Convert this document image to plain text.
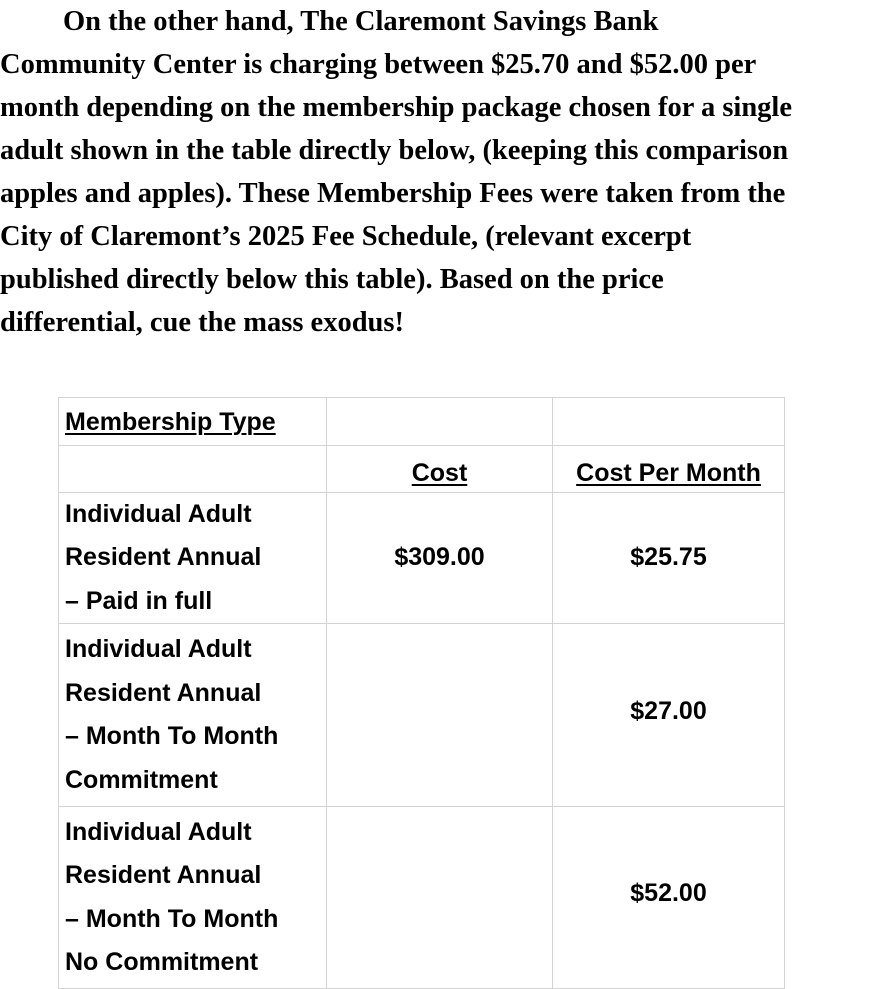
On the other hand, The Claremont Savings Bank
Community Center is charging between $25.70 and $52.00 per
month depending on the membership package chosen for a single
adult shown in the table directly below, (keeping this comparison
apples and apples). These Membership Fees were taken from the
City of Claremont’s 2025 Fee Schedule, (relevant excerpt
published directly below this table). Based on the price
differential, cue the mass exodus!

Membership Type		
	Cost	Cost Per Month

Individual Adult
Resident Annual
– Paid in full	$309.00	$25.75

Individual Adult
Resident Annual
– Month To Month
Commitment		$27.00

Individual Adult
Resident Annual
– Month To Month
No Commitment		$52.00
